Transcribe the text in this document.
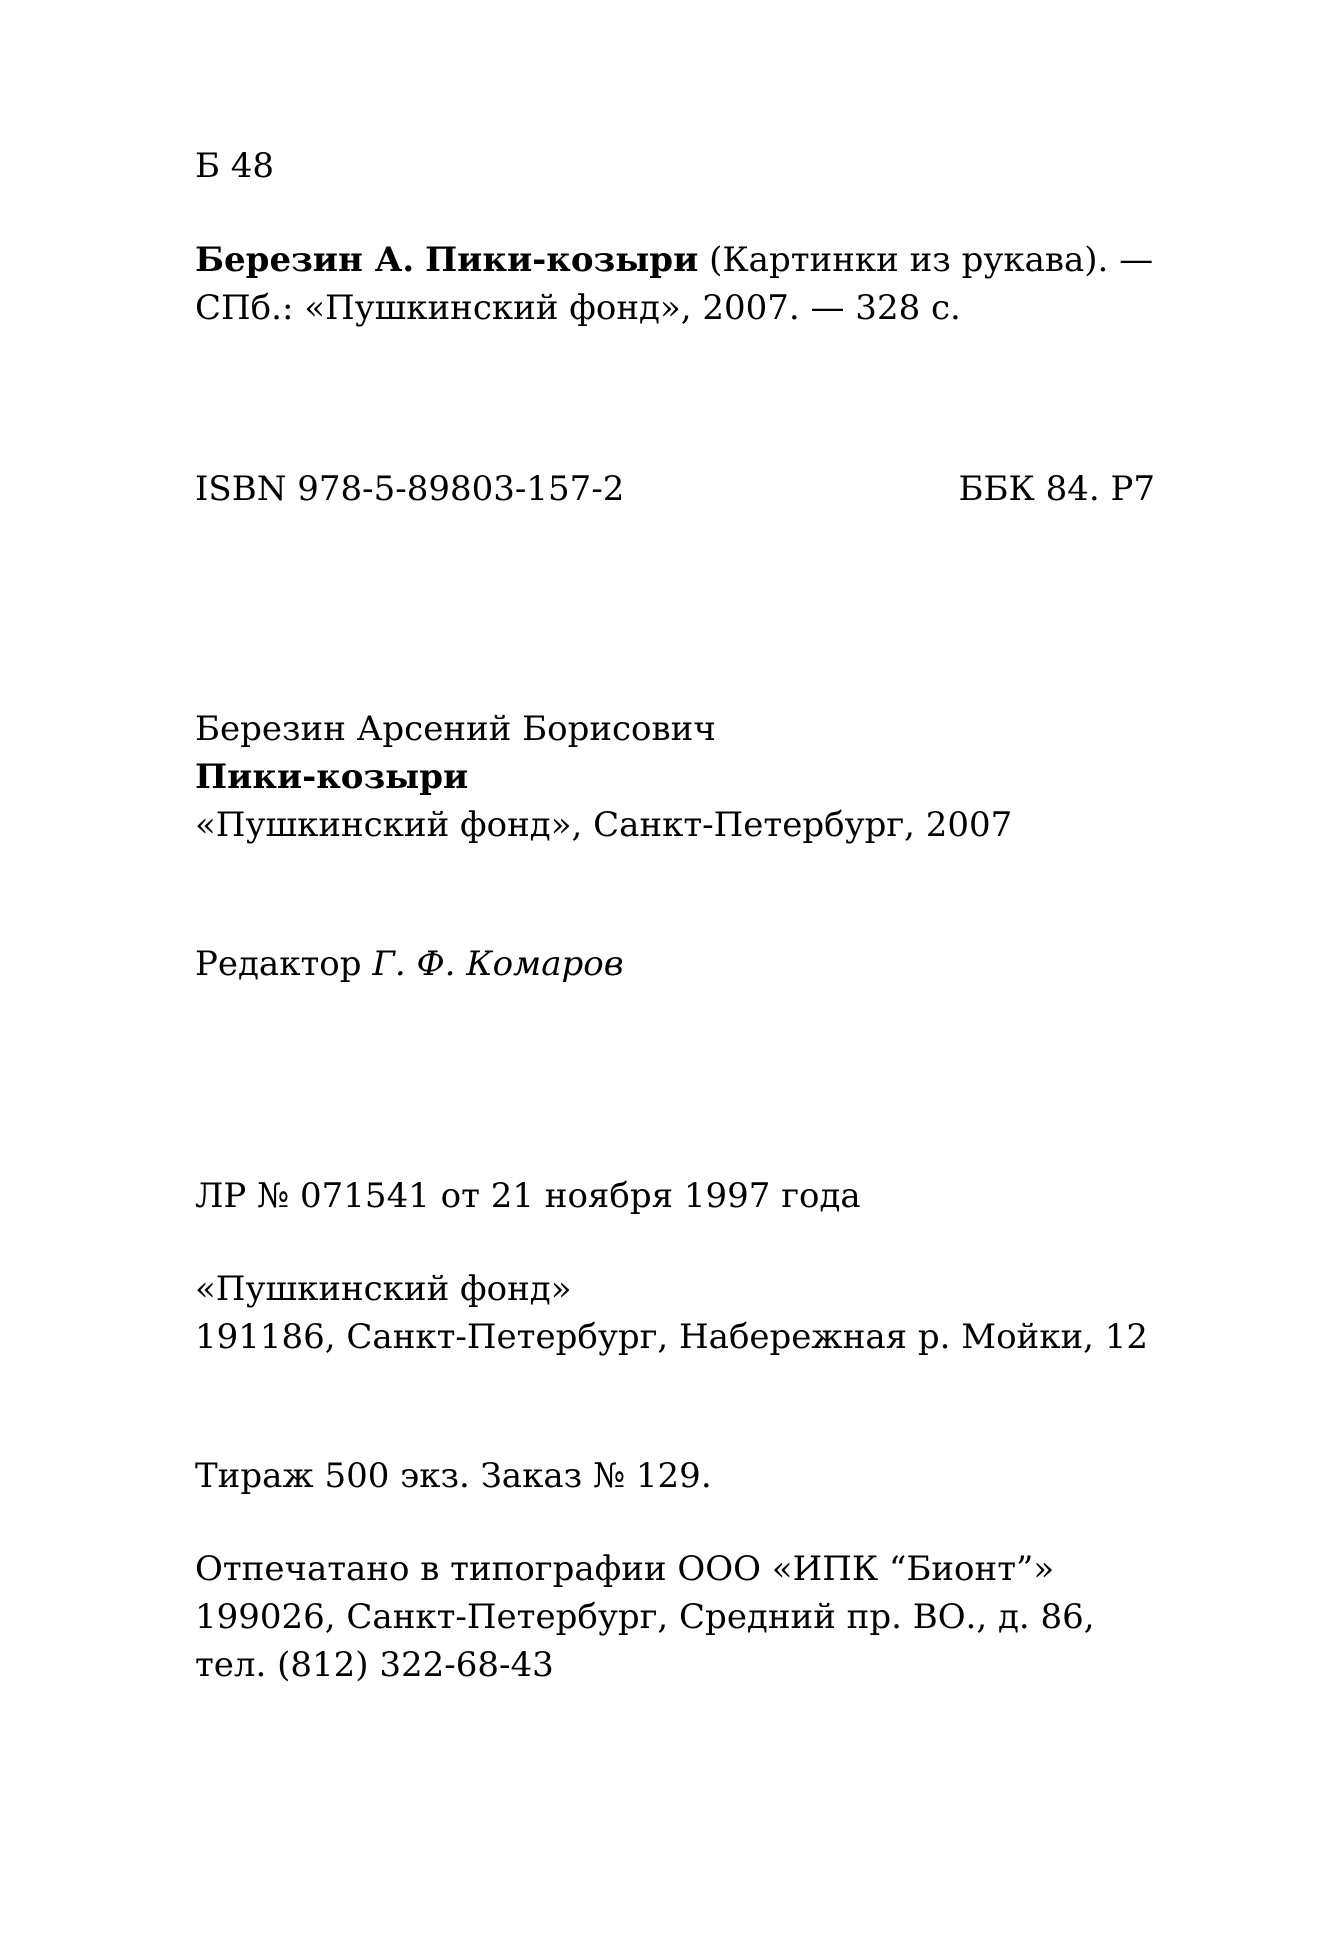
Б 48
Березин А. Пики-козыри (Картинки из рукава). —
СПб.: «Пушкинский фонд», 2007. — 328 с.
ISBN 978-5-89803-157-2	ББК 84. Р7
Березин Арсений Борисович
Пики-козыри
«Пушкинский фонд», Санкт-Петербург, 2007
Редактор Г. Ф. Комаров
ЛР № 071541 от 21 ноября 1997 года
«Пушкинский фонд»
191186, Санкт-Петербург, Набережная р. Мойки, 12
Тираж 500 экз. Заказ № 129.
Отпечатано в типографии ООО «ИПК “Бионт”»
199026, Санкт-Петербург, Средний пр. ВО., д. 86,
тел. (812) 322-68-43
